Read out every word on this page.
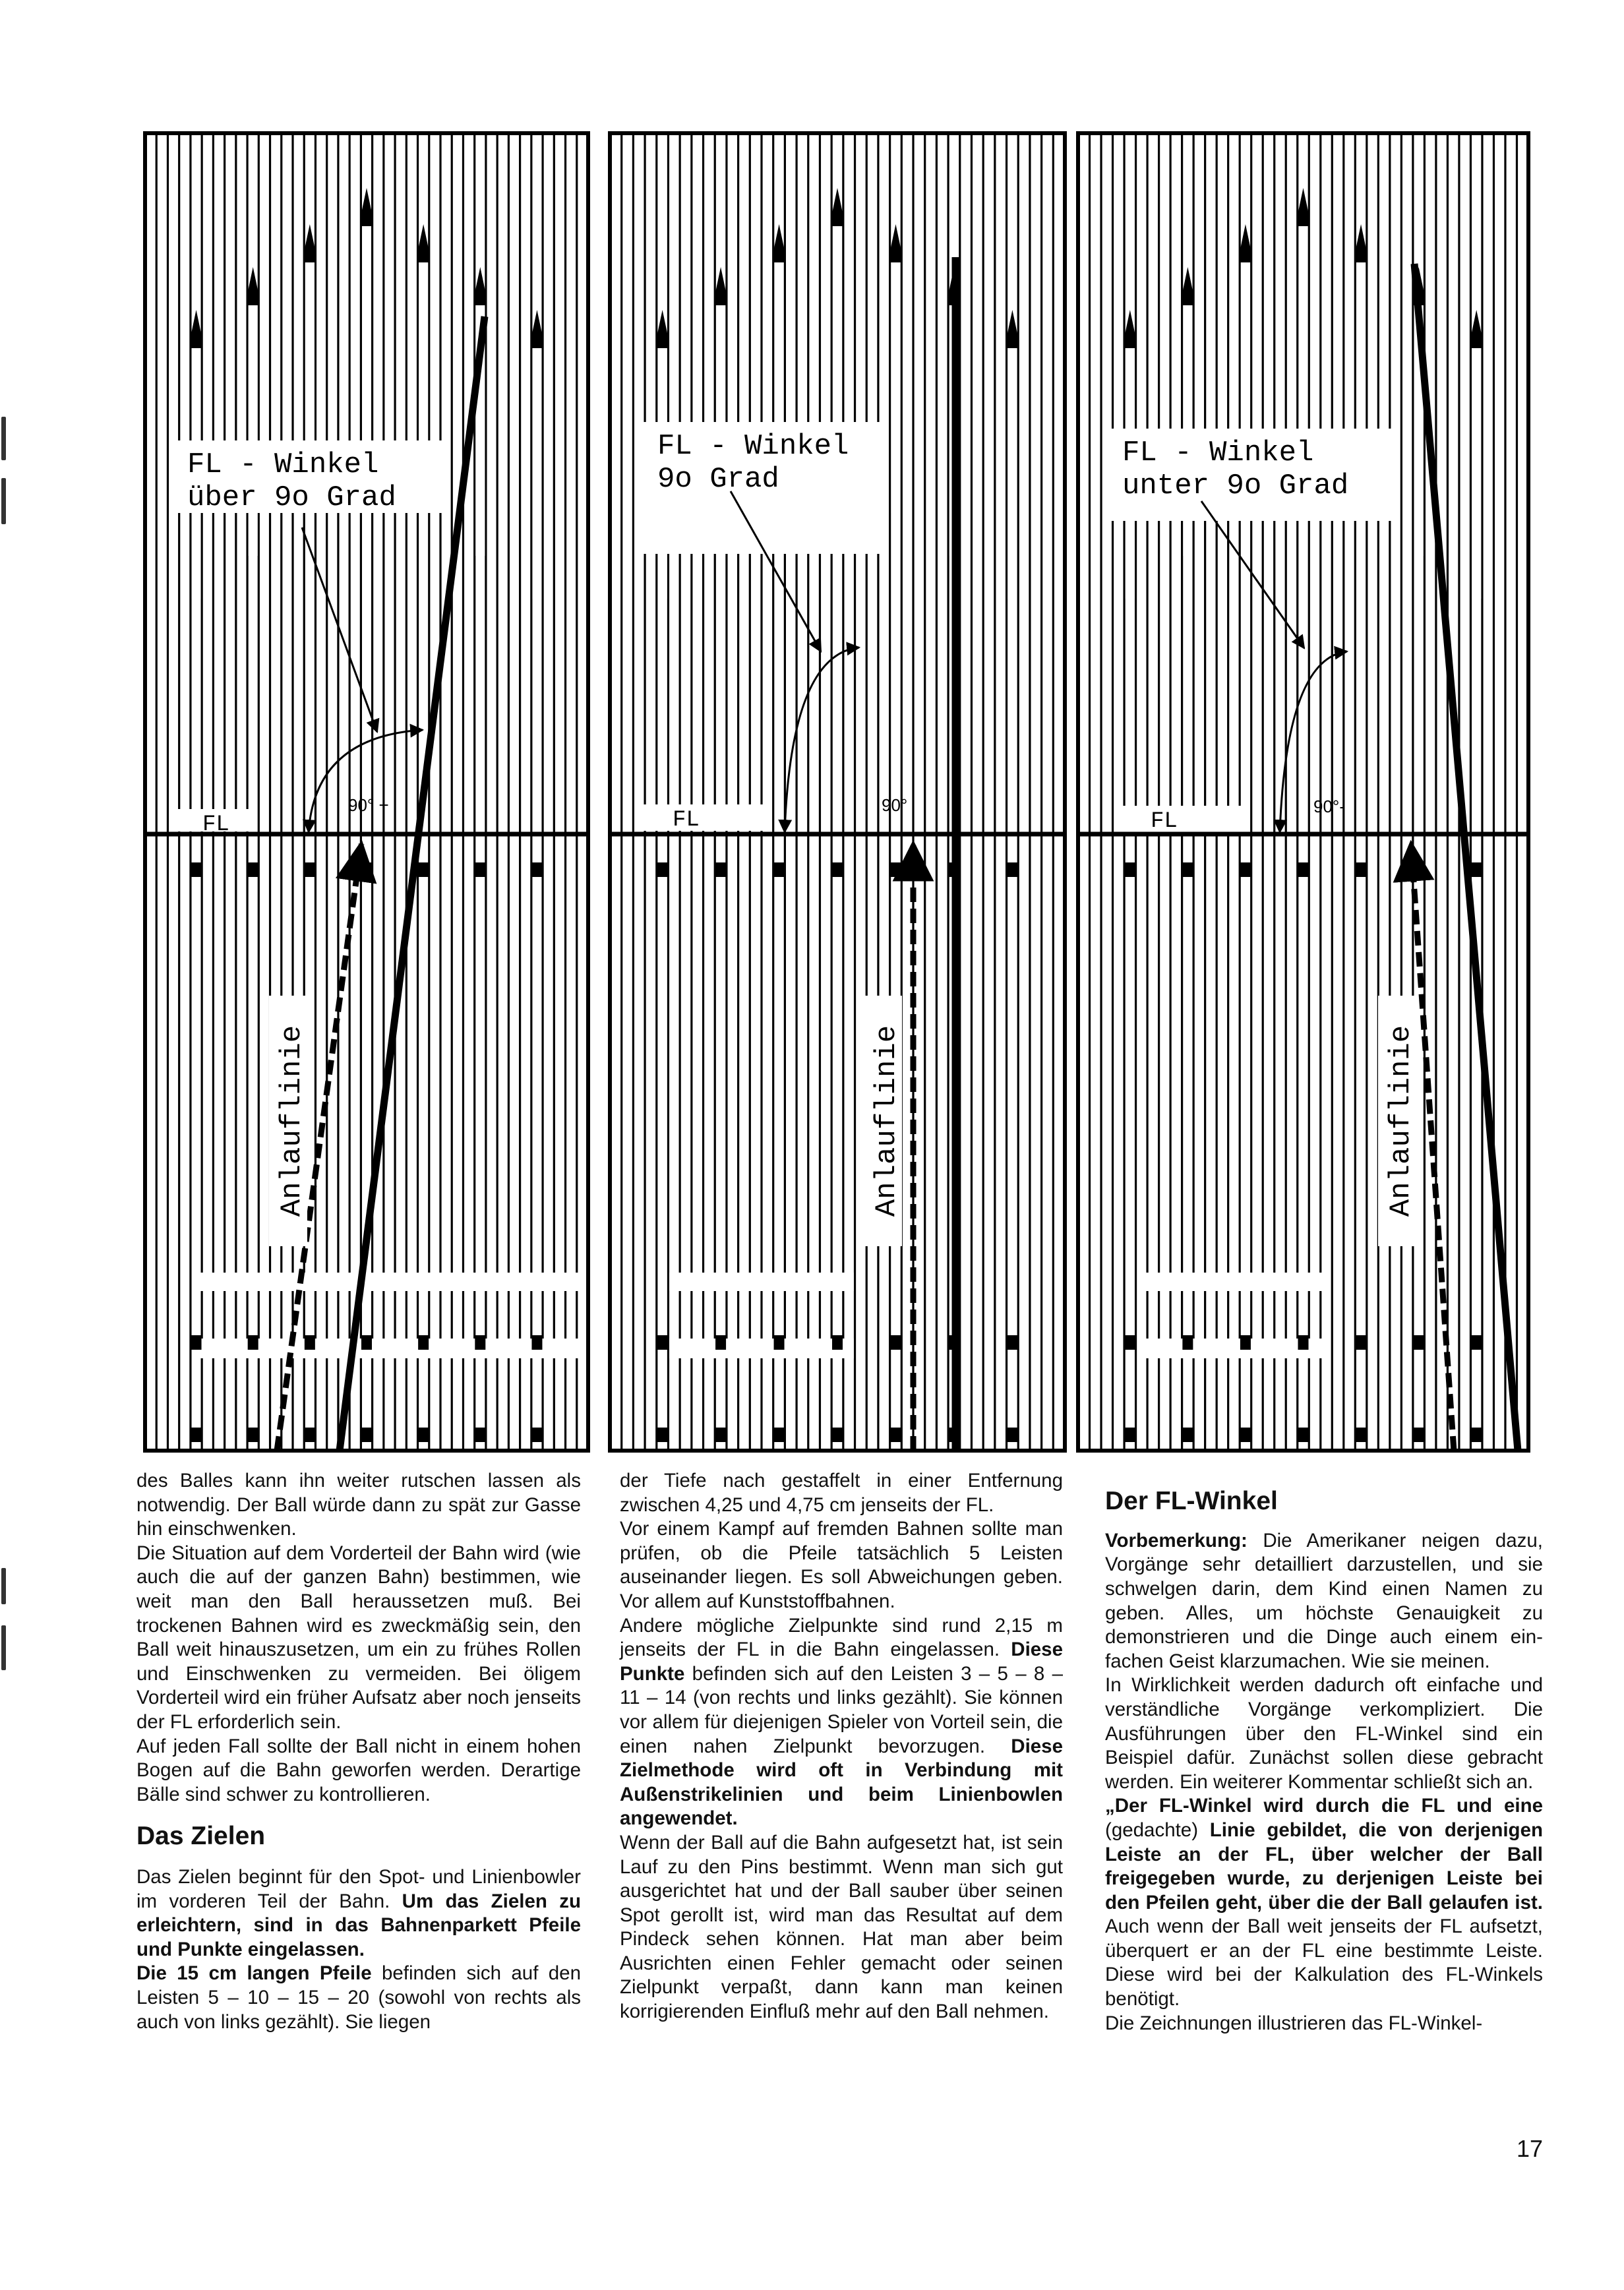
FL - Winkel
über 9o Grad
FL
90° +
Anlauflinie
FL - Winkel
9o Grad
FL
90°
Anlauflinie
FL - Winkel
unter 9o Grad
FL
90°-
Anlauflinie

des Balles kann ihn weiter rutschen lassen als notwendig. Der Ball würde dann zu spät zur Gasse hin einschwenken.

Die Situation auf dem Vorderteil der Bahn wird (wie auch die auf der ganzen Bahn) bestimmen, wie weit man den Ball heraussetzen muß. Bei trockenen Bahnen wird es zweckmäßig sein, den Ball weit hinauszusetzen, um ein zu frühes Rollen und Einschwenken zu vermeiden. Bei öligem Vorderteil wird ein früher Aufsatz aber noch jenseits der FL erforderlich sein.

Auf jeden Fall sollte der Ball nicht in einem hohen Bogen auf die Bahn geworfen werden. Derartige Bälle sind schwer zu kontrollieren.

Das Zielen

Das Zielen beginnt für den Spot- und Linienbowler im vorderen Teil der Bahn. Um das Zielen zu erleichtern, sind in das Bahnenparkett Pfeile und Punkte eingelassen.

Die 15 cm langen Pfeile befinden sich auf den Leisten 5 – 10 – 15 – 20 (sowohl von rechts als auch von links gezählt). Sie liegen

der Tiefe nach gestaffelt in einer Entfernung zwischen 4,25 und 4,75 cm jenseits der FL.

Vor einem Kampf auf fremden Bahnen sollte man prüfen, ob die Pfeile tatsächlich 5 Leisten auseinander liegen. Es soll Abweichungen geben. Vor allem auf Kunststoffbahnen.

Andere mögliche Zielpunkte sind rund 2,15 m jenseits der FL in die Bahn eingelassen. Diese Punkte befinden sich auf den Leisten 3 – 5 – 8 – 11 – 14 (von rechts und links gezählt). Sie können vor allem für diejenigen Spieler von Vorteil sein, die einen nahen Zielpunkt bevorzugen. Diese Zielmethode wird oft in Verbindung mit Außenstrikelinien und beim Linienbowlen angewendet.

Wenn der Ball auf die Bahn aufgesetzt hat, ist sein Lauf zu den Pins bestimmt. Wenn man sich gut ausgerichtet hat und der Ball sauber über seinen Spot gerollt ist, wird man das Resultat auf dem Pindeck sehen können. Hat man aber beim Ausrichten einen Fehler gemacht oder seinen Zielpunkt verpaßt, dann kann man keinen korrigierenden Einfluß mehr auf den Ball nehmen.

Der FL-Winkel

Vorbemerkung: Die Amerikaner neigen dazu, Vorgänge sehr detailliert darzustellen, und sie schwelgen darin, dem Kind einen Namen zu geben. Alles, um höchste Genauigkeit zu demonstrieren und die Dinge auch einem einfachen Geist klarzumachen. Wie sie meinen.

In Wirklichkeit werden dadurch oft einfache und verständliche Vorgänge verkompliziert. Die Ausführungen über den FL-Winkel sind ein Beispiel dafür. Zunächst sollen diese gebracht werden. Ein weiterer Kommentar schließt sich an.

„Der FL-Winkel wird durch die FL und eine (gedachte) Linie gebildet, die von derjenigen Leiste an der FL, über welcher der Ball freigegeben wurde, zu derjenigen Leiste bei den Pfeilen geht, über die der Ball gelaufen ist. Auch wenn der Ball weit jenseits der FL aufsetzt, überquert er an der FL eine bestimmte Leiste. Diese wird bei der Kalkulation des FL-Winkels benötigt.

Die Zeichnungen illustrieren das FL-Winkel-

17
